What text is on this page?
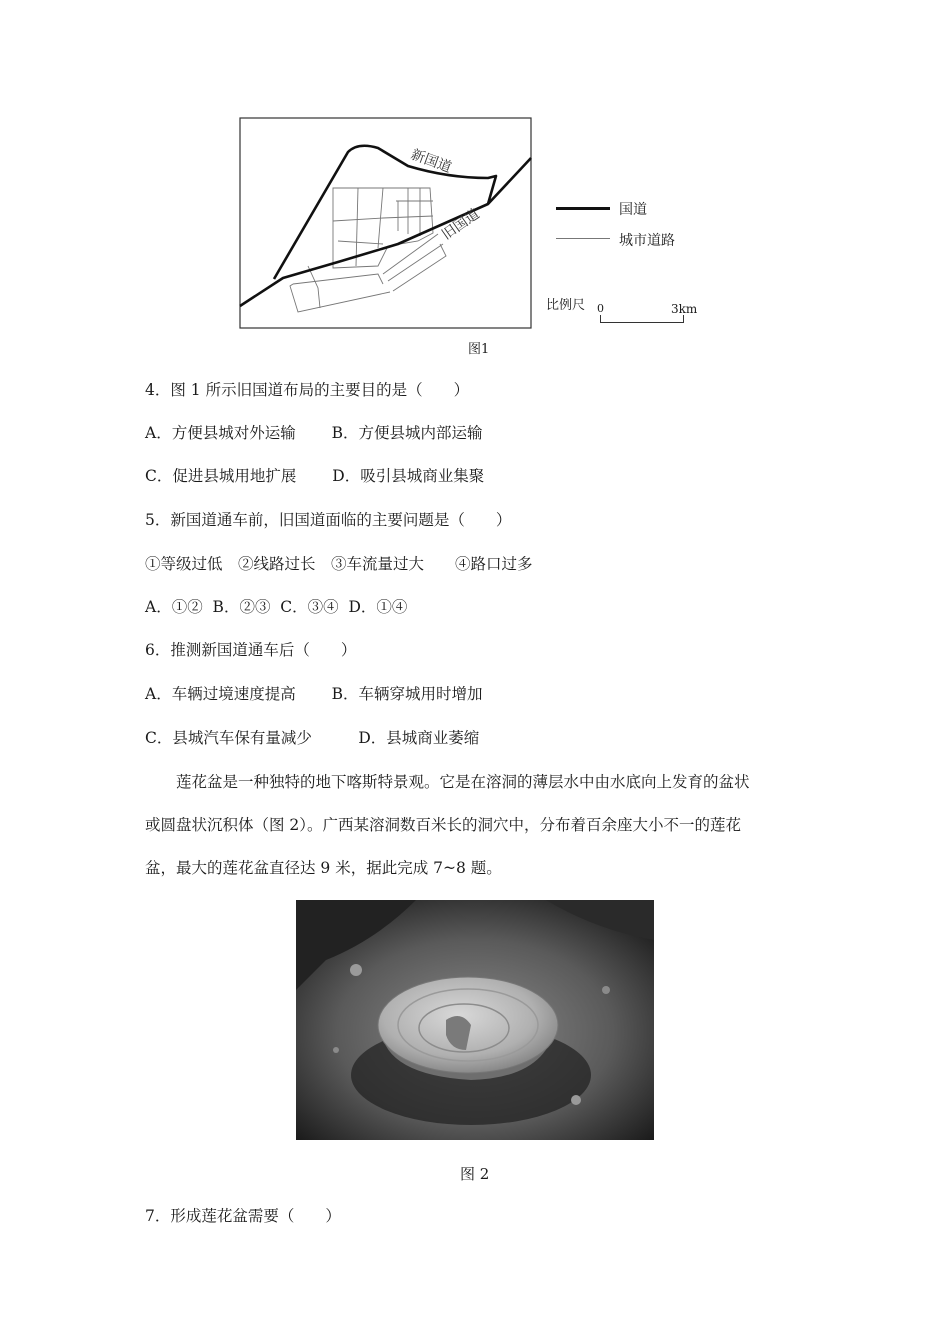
新国道
旧国道	国道
城市道路
比例尺 0	3km
图1
4．图 1 所示旧国道布局的主要目的是（　　）
A．方便县城对外运输　　 B．方便县城内部运输
C．促进县城用地扩展　　 D．吸引县城商业集聚
5．新国道通车前，旧国道面临的主要问题是（　　）
①等级过低　②线路过长　③车流量过大　　④路口过多
A．①②  B．②③  C．③④  D．①④
6．推测新国道通车后（　　）
A．车辆过境速度提高　　 B．车辆穿城用时增加
C．县城汽车保有量减少　　　D．县城商业萎缩
莲花盆是一种独特的地下喀斯特景观。它是在溶洞的薄层水中由水底向上发育的盆状
或圆盘状沉积体（图 2）。广西某溶洞数百米长的洞穴中，分布着百余座大小不一的莲花
盆，最大的莲花盆直径达 9 米，据此完成 7~8 题。
图 2
7．形成莲花盆需要（　　）
